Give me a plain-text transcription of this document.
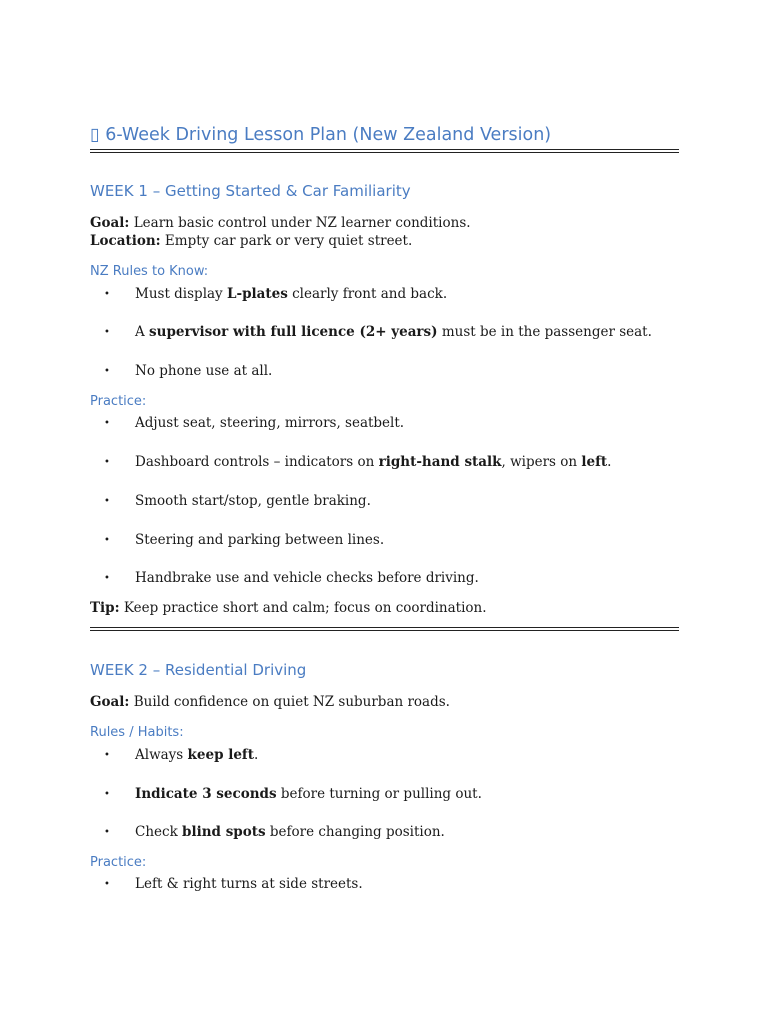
▯ 6-Week Driving Lesson Plan (New Zealand Version)
WEEK 1 – Getting Started & Car Familiarity
Goal: Learn basic control under NZ learner conditions.
Location: Empty car park or very quiet street.
NZ Rules to Know:
• Must display L-plates clearly front and back.
• A supervisor with full licence (2+ years) must be in the passenger seat.
• No phone use at all.
Practice:
• Adjust seat, steering, mirrors, seatbelt.
• Dashboard controls – indicators on right-hand stalk, wipers on left.
• Smooth start/stop, gentle braking.
• Steering and parking between lines.
• Handbrake use and vehicle checks before driving.
Tip: Keep practice short and calm; focus on coordination.
WEEK 2 – Residential Driving
Goal: Build confidence on quiet NZ suburban roads.
Rules / Habits:
• Always keep left.
• Indicate 3 seconds before turning or pulling out.
• Check blind spots before changing position.
Practice:
• Left & right turns at side streets.
